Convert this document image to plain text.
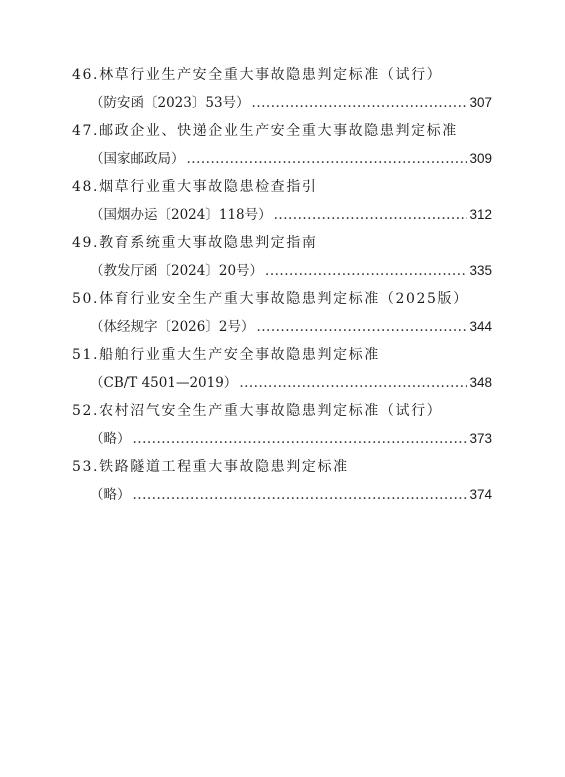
46.林草行业生产安全重大事故隐患判定标准（试行）
（防安函〔2023〕53号） .....	307
47.邮政企业、快递企业生产安全重大事故隐患判定标准
（国家邮政局） .....	309
48.烟草行业重大事故隐患检查指引
（国烟办运〔2024〕118号） .....	312
49.教育系统重大事故隐患判定指南
（教发厅函〔2024〕20号） .....	335
50.体育行业安全生产重大事故隐患判定标准（2025版）
（体经规字〔2026〕2号） .....	344
51.船舶行业重大生产安全事故隐患判定标准
（CB/T 4501—2019） .....	348
52.农村沼气安全生产重大事故隐患判定标准（试行）
（略） .....	373
53.铁路隧道工程重大事故隐患判定标准
（略） .....	374
